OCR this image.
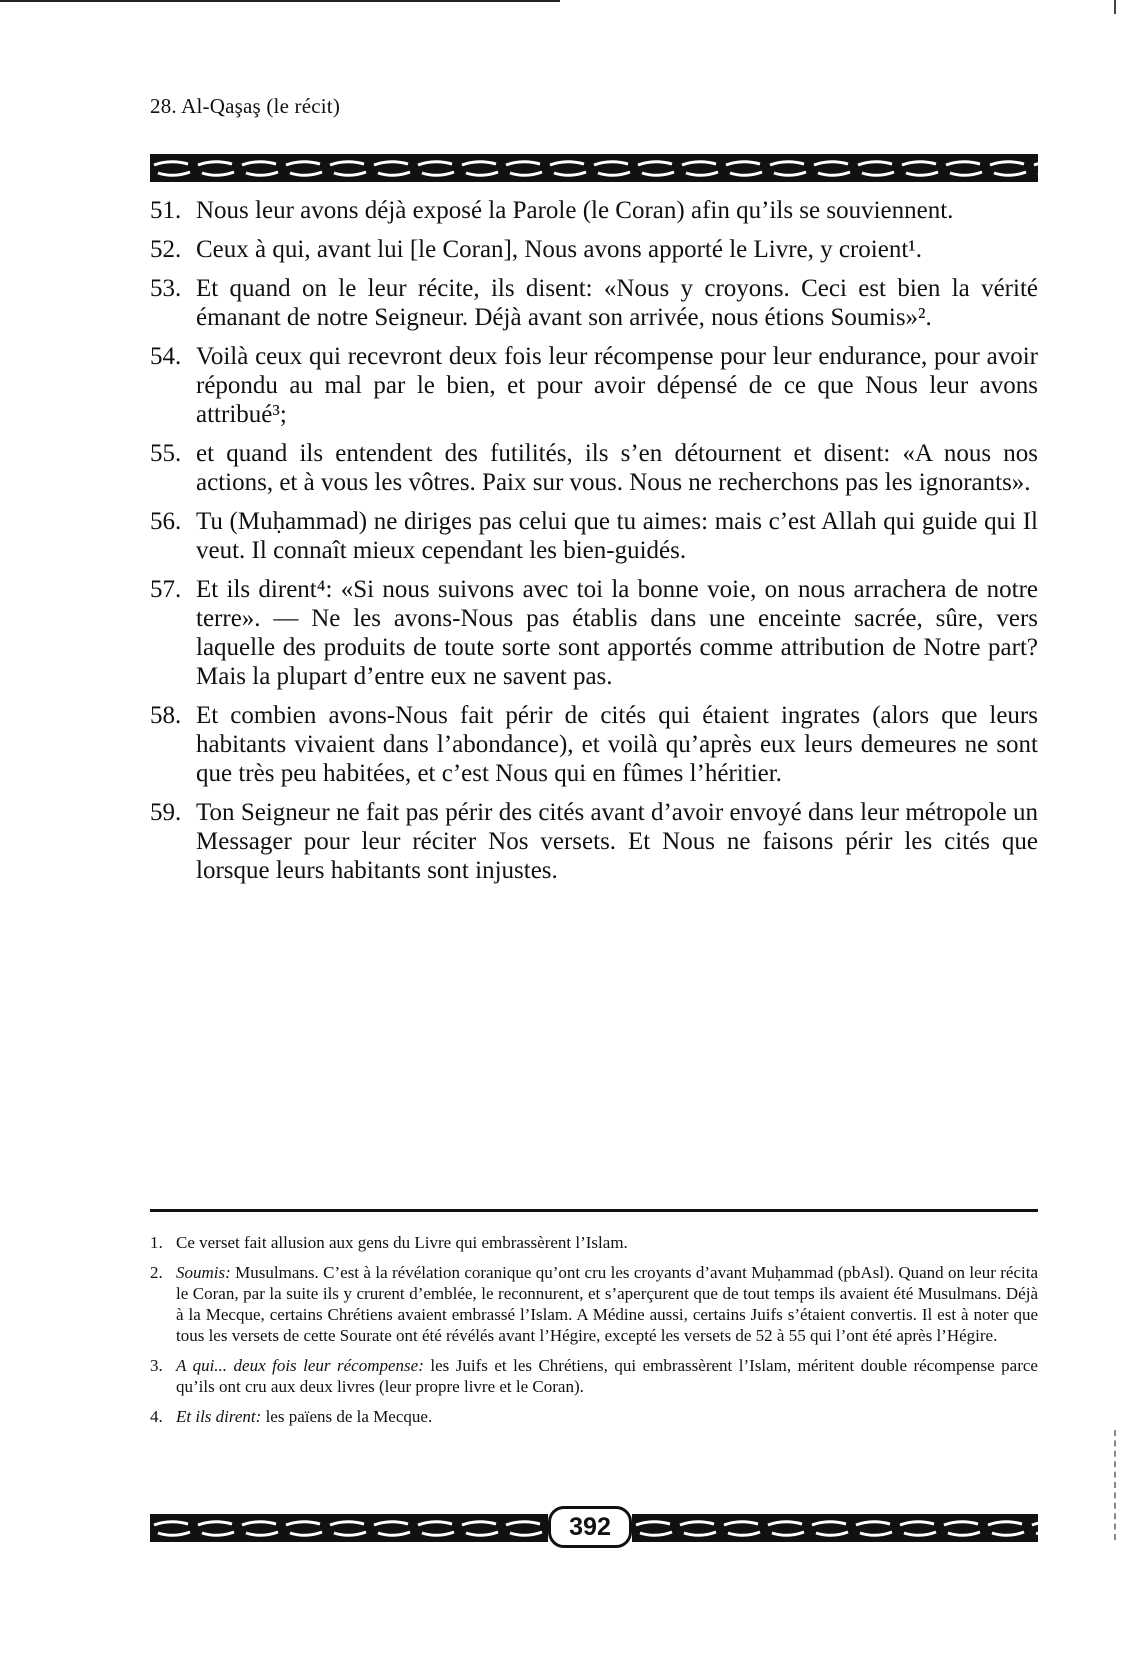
28. Al-Qaşaş (le récit)
51. Nous leur avons déjà exposé la Parole (le Coran) afin qu’ils se souviennent.
52. Ceux à qui, avant lui [le Coran], Nous avons apporté le Livre, y croient¹.
53. Et quand on le leur récite, ils disent: «Nous y croyons. Ceci est bien la vérité émanant de notre Seigneur. Déjà avant son arrivée, nous étions Soumis»².
54. Voilà ceux qui recevront deux fois leur récompense pour leur endurance, pour avoir répondu au mal par le bien, et pour avoir dépensé de ce que Nous leur avons attribué³;
55. et quand ils entendent des futilités, ils s’en détournent et disent: «A nous nos actions, et à vous les vôtres. Paix sur vous. Nous ne recherchons pas les ignorants».
56. Tu (Muḥammad) ne diriges pas celui que tu aimes: mais c’est Allah qui guide qui Il veut. Il connaît mieux cependant les bien-guidés.
57. Et ils dirent⁴: «Si nous suivons avec toi la bonne voie, on nous arrachera de notre terre». — Ne les avons-Nous pas établis dans une enceinte sacrée, sûre, vers laquelle des produits de toute sorte sont apportés comme attribution de Notre part? Mais la plupart d’entre eux ne savent pas.
58. Et combien avons-Nous fait périr de cités qui étaient ingrates (alors que leurs habitants vivaient dans l’abondance), et voilà qu’après eux leurs demeures ne sont que très peu habitées, et c’est Nous qui en fûmes l’héritier.
59. Ton Seigneur ne fait pas périr des cités avant d’avoir envoyé dans leur métropole un Messager pour leur réciter Nos versets. Et Nous ne faisons périr les cités que lorsque leurs habitants sont injustes.
1. Ce verset fait allusion aux gens du Livre qui embrassèrent l’Islam.
2. Soumis: Musulmans. C’est à la révélation coranique qu’ont cru les croyants d’avant Muḥammad (pbAsl). Quand on leur récita le Coran, par la suite ils y crurent d’emblée, le reconnurent, et s’aperçurent que de tout temps ils avaient été Musulmans. Déjà à la Mecque, certains Chrétiens avaient embrassé l’Islam. A Médine aussi, certains Juifs s’étaient convertis. Il est à noter que tous les versets de cette Sourate ont été révélés avant l’Hégire, excepté les versets de 52 à 55 qui l’ont été après l’Hégire.
3. A qui... deux fois leur récompense: les Juifs et les Chrétiens, qui embrassèrent l’Islam, méritent double récompense parce qu’ils ont cru aux deux livres (leur propre livre et le Coran).
4. Et ils dirent: les païens de la Mecque.
392
